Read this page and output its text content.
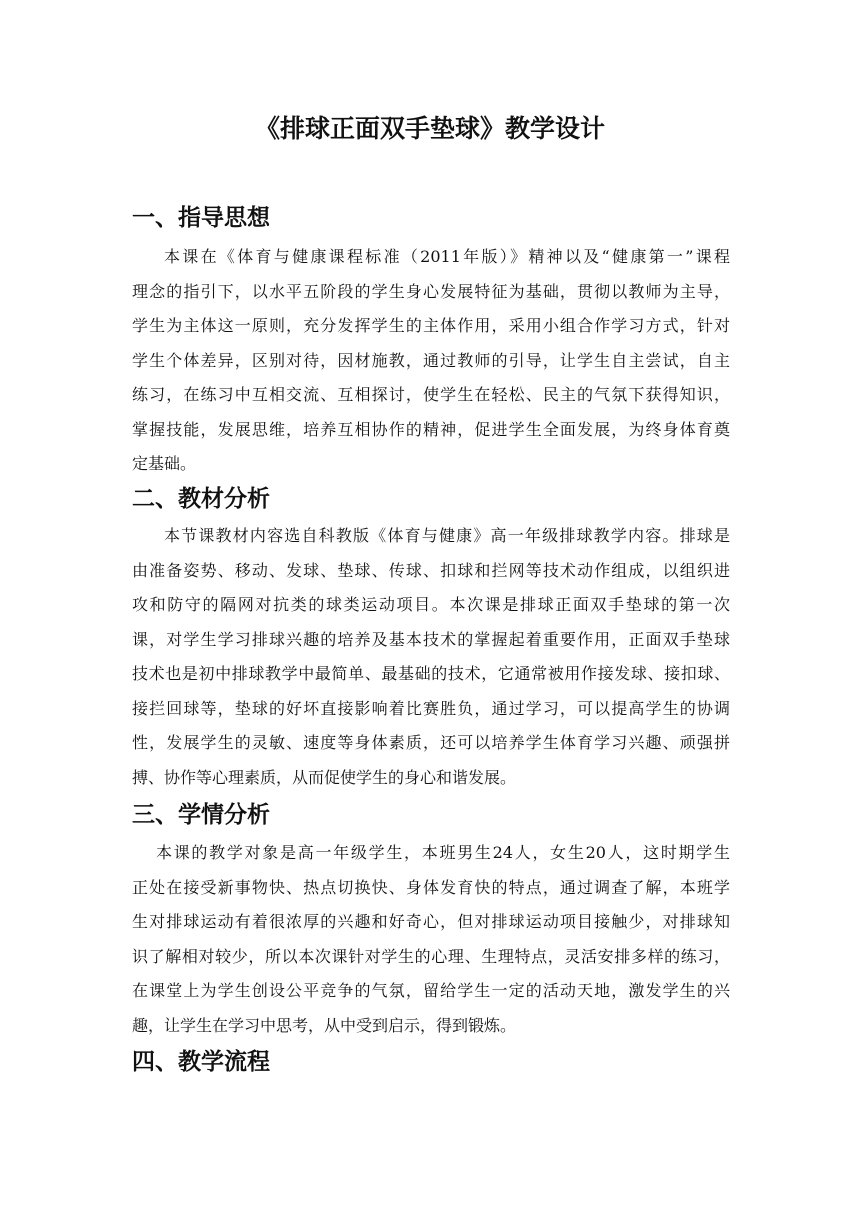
《排球正面双手垫球》教学设计
一、指导思想
本课在《体育与健康课程标准（2011年版）》精神以及“健康第一”课程
理念的指引下，以水平五阶段的学生身心发展特征为基础，贯彻以教师为主导，
学生为主体这一原则，充分发挥学生的主体作用，采用小组合作学习方式，针对
学生个体差异，区别对待，因材施教，通过教师的引导，让学生自主尝试，自主
练习，在练习中互相交流、互相探讨，使学生在轻松、民主的气氛下获得知识，
掌握技能，发展思维，培养互相协作的精神，促进学生全面发展，为终身体育奠
定基础。
二、教材分析
本节课教材内容选自科教版《体育与健康》高一年级排球教学内容。排球是
由准备姿势、移动、发球、垫球、传球、扣球和拦网等技术动作组成，以组织进
攻和防守的隔网对抗类的球类运动项目。本次课是排球正面双手垫球的第一次
课，对学生学习排球兴趣的培养及基本技术的掌握起着重要作用，正面双手垫球
技术也是初中排球教学中最简单、最基础的技术，它通常被用作接发球、接扣球、
接拦回球等，垫球的好坏直接影响着比赛胜负，通过学习，可以提高学生的协调
性，发展学生的灵敏、速度等身体素质，还可以培养学生体育学习兴趣、顽强拼
搏、协作等心理素质，从而促使学生的身心和谐发展。
三、学情分析
本课的教学对象是高一年级学生，本班男生24人，女生20人，这时期学生
正处在接受新事物快、热点切换快、身体发育快的特点，通过调查了解，本班学
生对排球运动有着很浓厚的兴趣和好奇心，但对排球运动项目接触少，对排球知
识了解相对较少，所以本次课针对学生的心理、生理特点，灵活安排多样的练习，
在课堂上为学生创设公平竞争的气氛，留给学生一定的活动天地，激发学生的兴
趣，让学生在学习中思考，从中受到启示，得到锻炼。
四、教学流程
